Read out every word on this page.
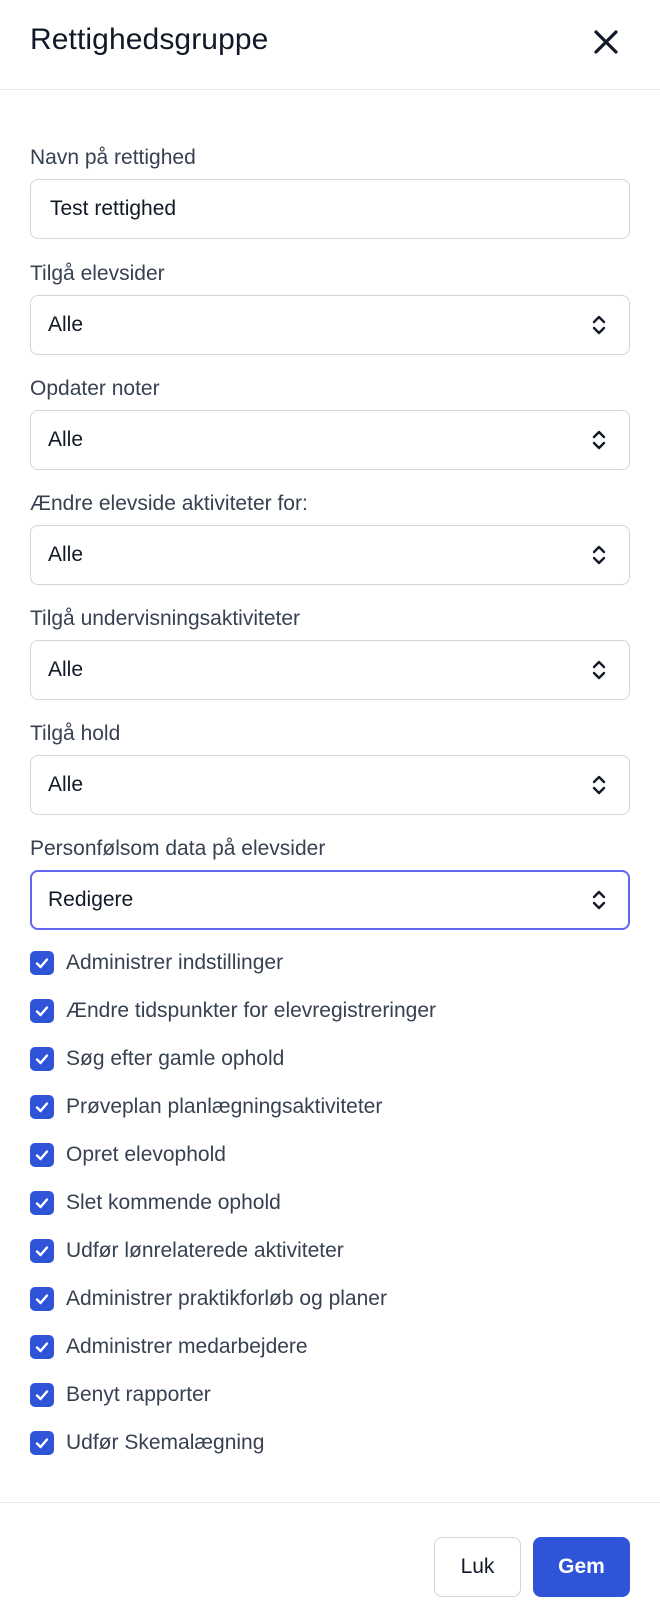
Rettighedsgruppe
Navn på rettighed
Test rettighed
Tilgå elevsider
Alle
Opdater noter
Alle
Ændre elevside aktiviteter for:
Alle
Tilgå undervisningsaktiviteter
Alle
Tilgå hold
Alle
Personfølsom data på elevsider
Redigere
Administrer indstillinger
Ændre tidspunkter for elevregistreringer
Søg efter gamle ophold
Prøveplan planlægningsaktiviteter
Opret elevophold
Slet kommende ophold
Udfør lønrelaterede aktiviteter
Administrer praktikforløb og planer
Administrer medarbejdere
Benyt rapporter
Udfør Skemalægning
Luk	Gem
